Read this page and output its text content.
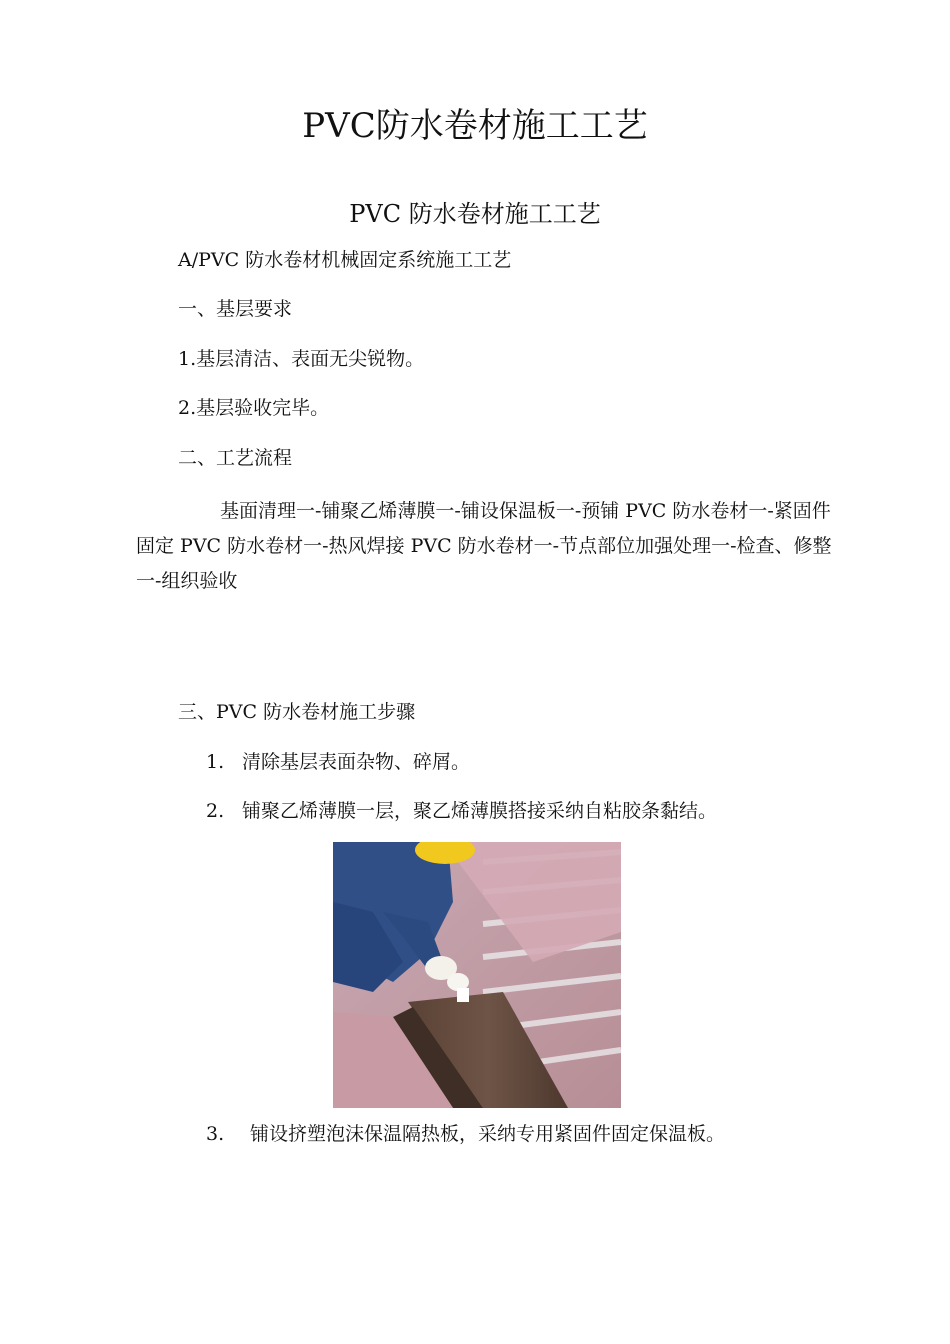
PVC防水卷材施工工艺
PVC 防水卷材施工工艺
A/PVC 防水卷材机械固定系统施工工艺
一、基层要求
1.基层清洁、表面无尖锐物。
2.基层验收完毕。
二、工艺流程
基面清理一-铺聚乙烯薄膜一-铺设保温板一-预铺 PVC 防水卷材一-紧固件固定 PVC 防水卷材一-热风焊接 PVC 防水卷材一-节点部位加强处理一-检查、修整一-组织验收
三、PVC 防水卷材施工步骤
1. 清除基层表面杂物、碎屑。
2. 铺聚乙烯薄膜一层，聚乙烯薄膜搭接采纳自粘胶条黏结。
3. 铺设挤塑泡沫保温隔热板，采纳专用紧固件固定保温板。
